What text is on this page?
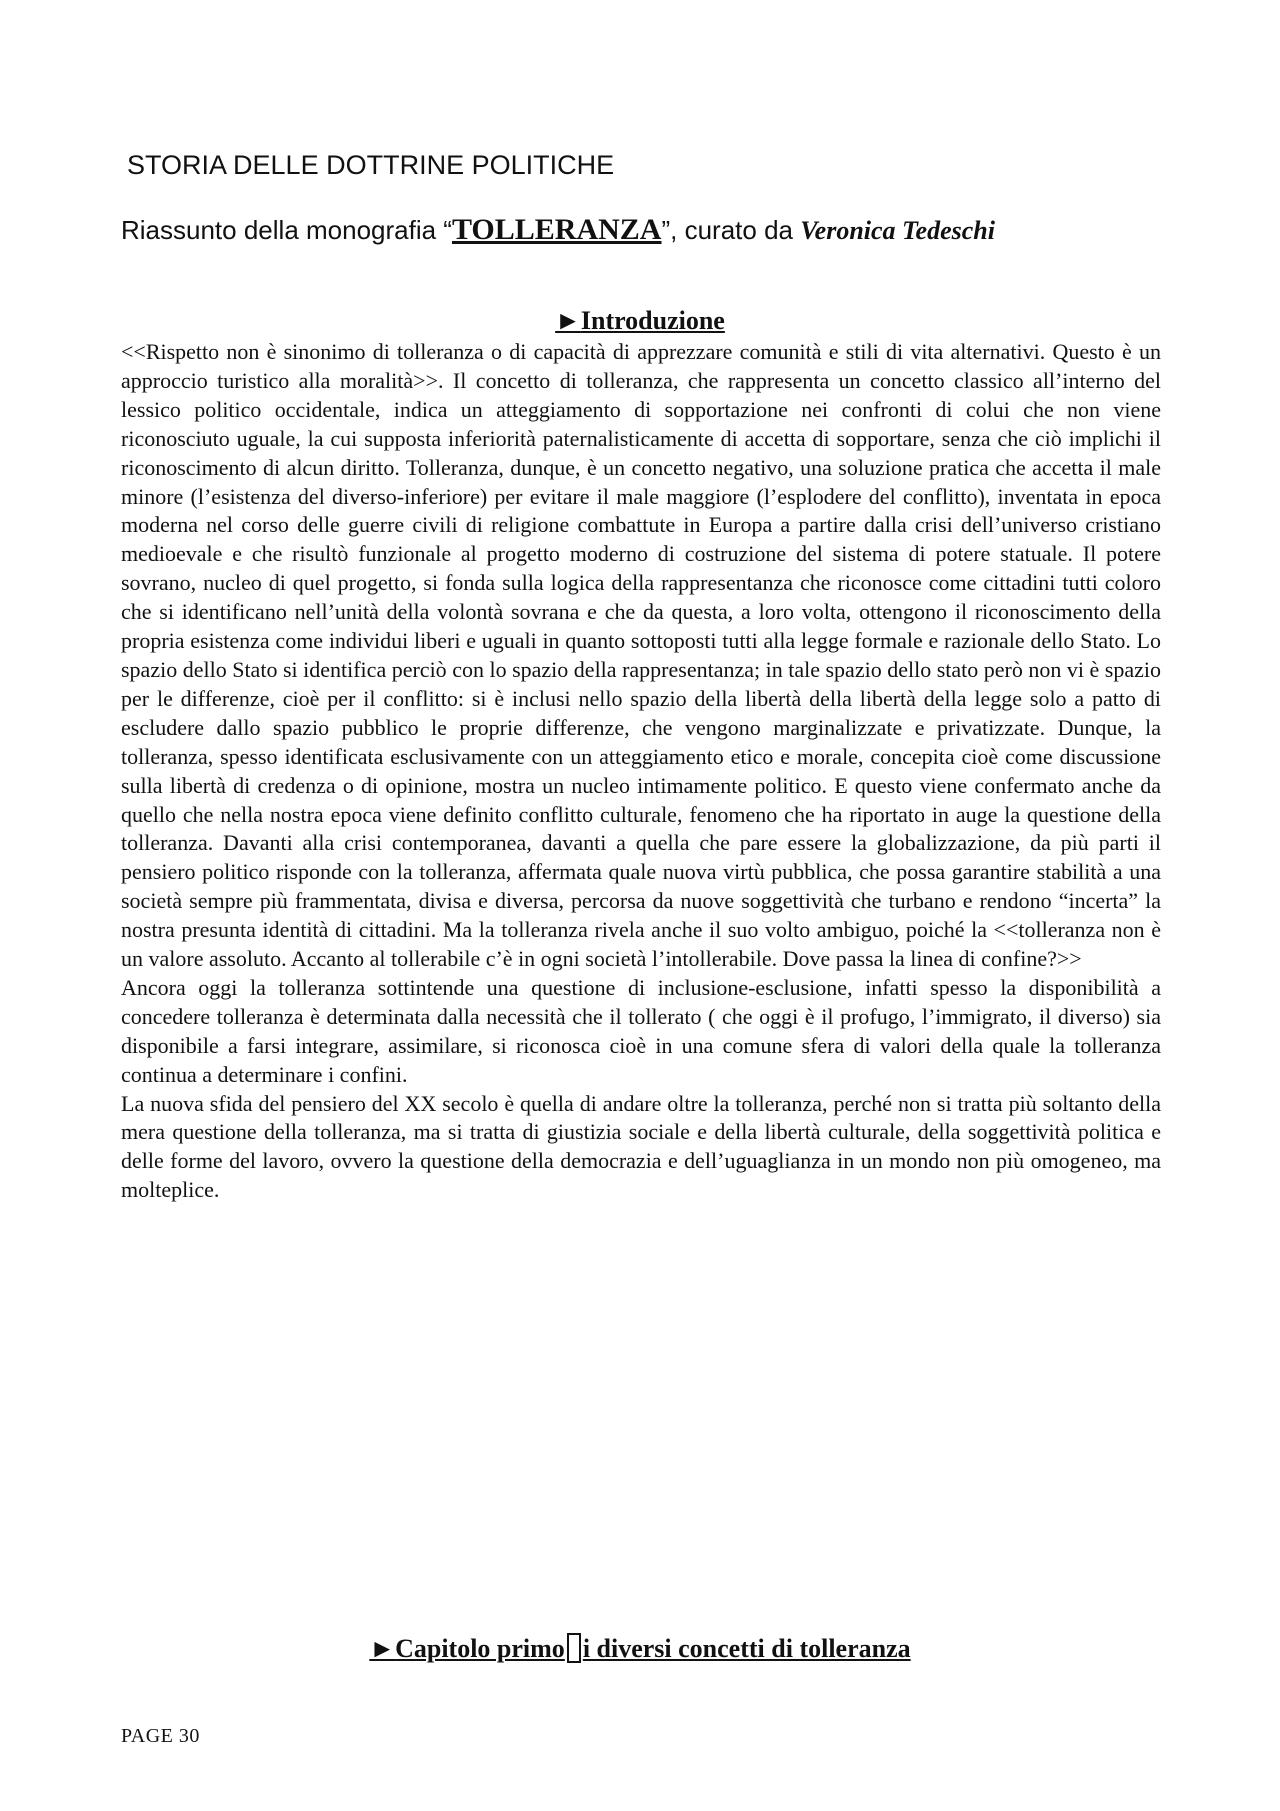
STORIA DELLE DOTTRINE POLITICHE

Riassunto della monografia “TOLLERANZA”, curato da Veronica Tedeschi

►Introduzione

<<Rispetto non è sinonimo di tolleranza o di capacità di apprezzare comunità e stili di vita alternativi. Questo è un approccio turistico alla moralità>>. Il concetto di tolleranza, che rappresenta un concetto classico all’interno del lessico politico occidentale, indica un atteggiamento di sopportazione nei confronti di colui che non viene riconosciuto uguale, la cui supposta inferiorità paternalisticamente di accetta di sopportare, senza che ciò implichi il riconoscimento di alcun diritto. Tolleranza, dunque, è un concetto negativo, una soluzione pratica che accetta il male minore (l’esistenza del diverso-inferiore) per evitare il male maggiore (l’esplodere del conflitto), inventata in epoca moderna nel corso delle guerre civili di religione combattute in Europa a partire dalla crisi dell’universo cristiano medioevale e che risultò funzionale al progetto moderno di costruzione del sistema di potere statuale. Il potere sovrano, nucleo di quel progetto, si fonda sulla logica della rappresentanza che riconosce come cittadini tutti coloro che si identificano nell’unità della volontà sovrana e che da questa, a loro volta, ottengono il riconoscimento della propria esistenza come individui liberi e uguali in quanto sottoposti tutti alla legge formale e razionale dello Stato. Lo spazio dello Stato si identifica perciò con lo spazio della rappresentanza; in tale spazio dello stato però non vi è spazio per le differenze, cioè per il conflitto: si è inclusi nello spazio della libertà della libertà della legge solo a patto di escludere dallo spazio pubblico le proprie differenze, che vengono marginalizzate e privatizzate. Dunque, la tolleranza, spesso identificata esclusivamente con un atteggiamento etico e morale, concepita cioè come discussione sulla libertà di credenza o di opinione, mostra un nucleo intimamente politico. E questo viene confermato anche da quello che nella nostra epoca viene definito conflitto culturale, fenomeno che ha riportato in auge la questione della tolleranza. Davanti alla crisi contemporanea, davanti a quella che pare essere la globalizzazione, da più parti il pensiero politico risponde con la tolleranza, affermata quale nuova virtù pubblica, che possa garantire stabilità a una società sempre più frammentata, divisa e diversa, percorsa da nuove soggettività che turbano e rendono “incerta” la nostra presunta identità di cittadini. Ma la tolleranza rivela anche il suo volto ambiguo, poiché la <<tolleranza non è un valore assoluto. Accanto al tollerabile c’è in ogni società l’intollerabile. Dove passa la linea di confine?>>

Ancora oggi la tolleranza sottintende una questione di inclusione-esclusione, infatti spesso la disponibilità a concedere tolleranza è determinata dalla necessità che il tollerato ( che oggi è il profugo, l’immigrato, il diverso) sia disponibile a farsi integrare, assimilare, si riconosca cioè in una comune sfera di valori della quale la tolleranza continua a determinare i confini.

La nuova sfida del pensiero del XX secolo è quella di andare oltre la tolleranza, perché non si tratta più soltanto della mera questione della tolleranza, ma si tratta di giustizia sociale e della libertà culturale, della soggettività politica e delle forme del lavoro, ovvero la questione della democrazia e dell’uguaglianza in un mondo non più omogeneo, ma molteplice.

►Capitolo primo i diversi concetti di tolleranza

PAGE 30
